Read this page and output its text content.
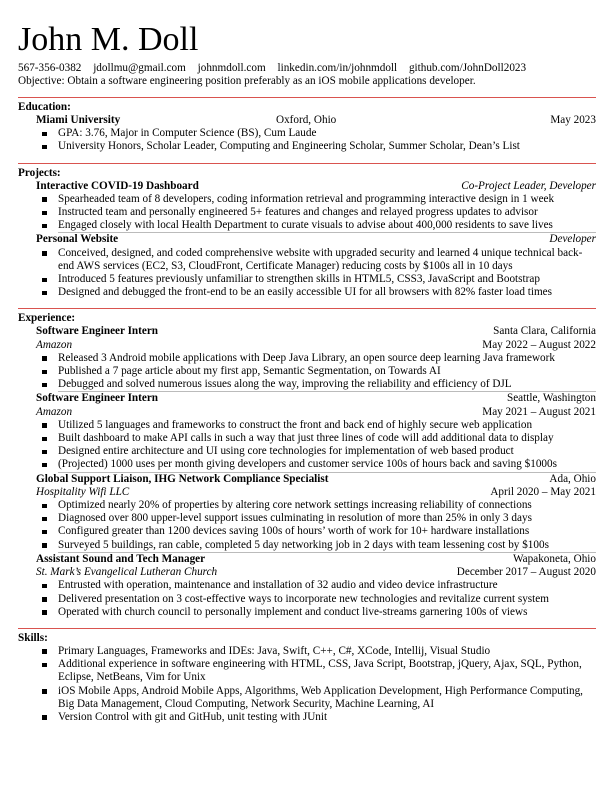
John M. Doll
567-356-0382 jdollmu@gmail.com johnmdoll.com linkedin.com/in/johnmdoll github.com/JohnDoll2023
Objective: Obtain a software engineering position preferably as an iOS mobile applications developer.
Education:
Miami University	Oxford, Ohio	May 2023
GPA: 3.76, Major in Computer Science (BS), Cum Laude
University Honors, Scholar Leader, Computing and Engineering Scholar, Summer Scholar, Dean’s List
Projects:
Interactive COVID-19 Dashboard	Co-Project Leader, Developer
Spearheaded team of 8 developers, coding information retrieval and programming interactive design in 1 week
Instructed team and personally engineered 5+ features and changes and relayed progress updates to advisor
Engaged closely with local Health Department to curate visuals to advise about 400,000 residents to save lives
Personal Website	Developer
Conceived, designed, and coded comprehensive website with upgraded security and learned 4 unique technical back-end AWS services (EC2, S3, CloudFront, Certificate Manager) reducing costs by $100s all in 10 days
Introduced 5 features previously unfamiliar to strengthen skills in HTML5, CSS3, JavaScript and Bootstrap
Designed and debugged the front-end to be an easily accessible UI for all browsers with 82% faster load times
Experience:
Software Engineer Intern	Santa Clara, California
Amazon	May 2022 – August 2022
Released 3 Android mobile applications with Deep Java Library, an open source deep learning Java framework
Published a 7 page article about my first app, Semantic Segmentation, on Towards AI
Debugged and solved numerous issues along the way, improving the reliability and efficiency of DJL
Software Engineer Intern	Seattle, Washington
Amazon	May 2021 – August 2021
Utilized 5 languages and frameworks to construct the front and back end of highly secure web application
Built dashboard to make API calls in such a way that just three lines of code will add additional data to display
Designed entire architecture and UI using core technologies for implementation of web based product
(Projected) 1000 uses per month giving developers and customer service 100s of hours back and saving $1000s
Global Support Liaison, IHG Network Compliance Specialist	Ada, Ohio
Hospitality Wifi LLC	April 2020 – May 2021
Optimized nearly 20% of properties by altering core network settings increasing reliability of connections
Diagnosed over 800 upper-level support issues culminating in resolution of more than 25% in only 3 days
Configured greater than 1200 devices saving 100s of hours’ worth of work for 10+ hardware installations
Surveyed 5 buildings, ran cable, completed 5 day networking job in 2 days with team lessening cost by $100s
Assistant Sound and Tech Manager	Wapakoneta, Ohio
St. Mark’s Evangelical Lutheran Church	December 2017 – August 2020
Entrusted with operation, maintenance and installation of 32 audio and video device infrastructure
Delivered presentation on 3 cost-effective ways to incorporate new technologies and revitalize current system
Operated with church council to personally implement and conduct live-streams garnering 100s of views
Skills:
Primary Languages, Frameworks and IDEs: Java, Swift, C++, C#, XCode, Intellij, Visual Studio
Additional experience in software engineering with HTML, CSS, Java Script, Bootstrap, jQuery, Ajax, SQL, Python, Eclipse, NetBeans, Vim for Unix
iOS Mobile Apps, Android Mobile Apps, Algorithms, Web Application Development, High Performance Computing, Big Data Management, Cloud Computing, Network Security, Machine Learning, AI
Version Control with git and GitHub, unit testing with JUnit
